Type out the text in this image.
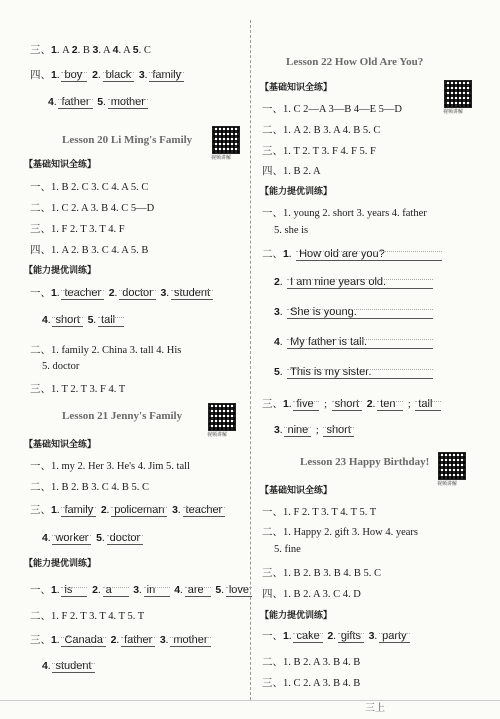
三、1. A 2. B 3. A 4. A 5. C
四、1. boy 2. black 3. family
4. father 5. mother
Lesson 20 Li Ming's Family
视频讲解
【基础知识全练】
一、1. B 2. C 3. C 4. A 5. C
二、1. C 2. A 3. B 4. C 5—D
三、1. F 2. T 3. T 4. F
四、1. A 2. B 3. C 4. A 5. B
【能力提优训练】
一、1. teacher 2. doctor 3. student
4. short 5. tall
二、1. family 2. China 3. tall 4. His
5. doctor
三、1. T 2. T 3. F 4. T
Lesson 21 Jenny's Family
视频讲解
【基础知识全练】
一、1. my 2. Her 3. He's 4. Jim 5. tall
二、1. B 2. B 3. C 4. B 5. C
三、1. family 2. policeman 3. teacher
4. worker 5. doctor
【能力提优训练】
一、1. is 2. a 3. in 4. are 5. love
二、1. F 2. T 3. T 4. T 5. T
三、1. Canada 2. father 3. mother
4. student
Lesson 22 How Old Are You?
视频讲解
【基础知识全练】
一、1. C 2—A 3—B 4—E 5—D
二、1. A 2. B 3. A 4. B 5. C
三、1. T 2. T 3. F 4. F 5. F
四、1. B 2. A
【能力提优训练】
一、1. young 2. short 3. years 4. father
5. she is
二、1. How old are you?
2. I am nine years old.
3. She is young.
4. My father is tall.
5. This is my sister.
三、1. five ; short 2. ten ; tall
3. nine ; short
Lesson 23 Happy Birthday!
视频讲解
【基础知识全练】
一、1. F 2. T 3. T 4. T 5. T
二、1. Happy 2. gift 3. How 4. years
5. fine
三、1. B 2. B 3. B 4. B 5. C
四、1. B 2. A 3. C 4. D
【能力提优训练】
一、1. cake 2. gifts 3. party
二、1. B 2. A 3. B 4. B
三、1. C 2. A 3. B 4. B
三上
